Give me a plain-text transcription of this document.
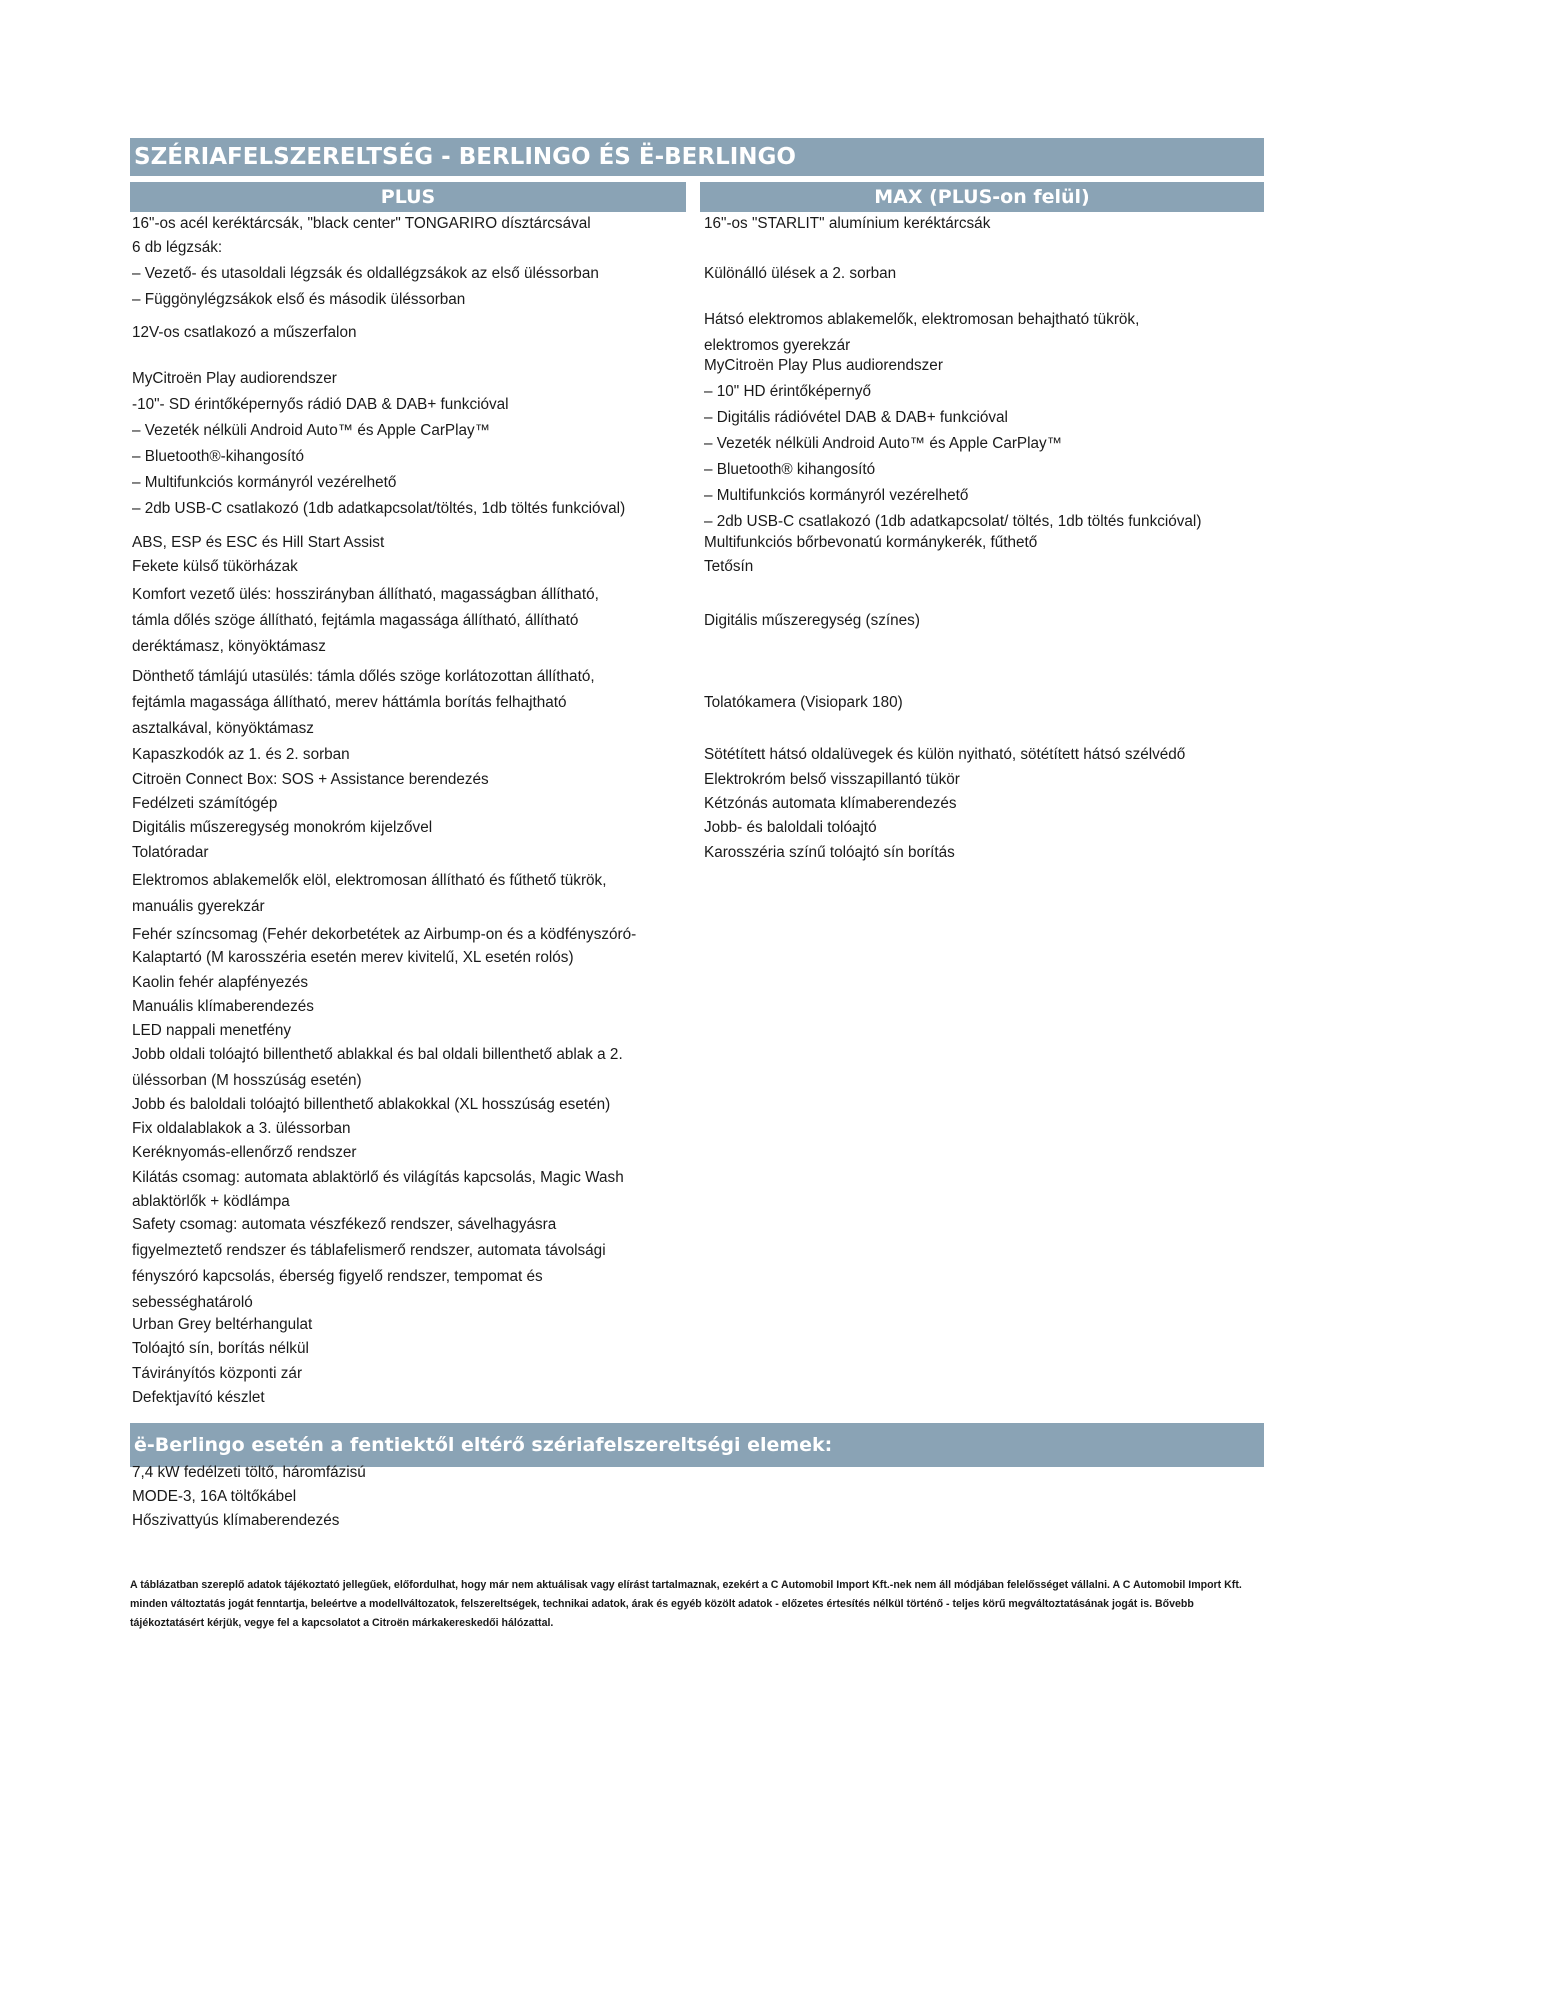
SZÉRIAFELSZERELTSÉG - BERLINGO ÉS Ë-BERLINGO
PLUS	MAX (PLUS-on felül)
16"-os acél keréktárcsák, "black center" TONGARIRO dísztárcsával
6 db légzsák:
– Vezető- és utasoldali légzsák és oldallégzsákok az első üléssorban
– Függönylégzsákok első és második üléssorban
12V-os csatlakozó a műszerfalon
MyCitroën Play audiorendszer
-10"- SD érintőképernyős rádió DAB & DAB+ funkcióval
– Vezeték nélküli Android Auto™ és Apple CarPlay™
– Bluetooth®-kihangosító
– Multifunkciós kormányról vezérelhető
– 2db USB-C csatlakozó (1db adatkapcsolat/töltés, 1db töltés funkcióval)
ABS, ESP és ESC és Hill Start Assist
Fekete külső tükörházak
Komfort vezető ülés: hosszirányban állítható, magasságban állítható,
támla dőlés szöge állítható, fejtámla magassága állítható, állítható
deréktámasz, könyöktámasz
Dönthető támlájú utasülés: támla dőlés szöge korlátozottan állítható,
fejtámla magassága állítható, merev háttámla borítás felhajtható
asztalkával, könyöktámasz
Kapaszkodók az 1. és 2. sorban
Citroën Connect Box: SOS + Assistance berendezés
Fedélzeti számítógép
Digitális műszeregység monokróm kijelzővel
Tolatóradar
Elektromos ablakemelők elöl, elektromosan állítható és fűthető tükrök,
manuális gyerekzár
Fehér színcsomag (Fehér dekorbetétek az Airbump-on és a ködfényszóró-
Kalaptartó (M karosszéria esetén merev kivitelű, XL esetén rolós)
Kaolin fehér alapfényezés
Manuális klímaberendezés
LED nappali menetfény
Jobb oldali tolóajtó billenthető ablakkal és bal oldali billenthető ablak a 2.
üléssorban (M hosszúság esetén)
Jobb és baloldali tolóajtó billenthető ablakokkal (XL hosszúság esetén)
Fix oldalablakok a 3. üléssorban
Keréknyomás-ellenőrző rendszer
Kilátás csomag: automata ablaktörlő és világítás kapcsolás, Magic Wash
ablaktörlők + ködlámpa
Safety csomag: automata vészfékező rendszer, sávelhagyásra
figyelmeztető rendszer és táblafelismerő rendszer, automata távolsági
fényszóró kapcsolás, éberség figyelő rendszer, tempomat és
sebességhatároló
Urban Grey beltérhangulat
Tolóajtó sín, borítás nélkül
Távirányítós központi zár
Defektjavító készlet
16"-os "STARLIT" alumínium keréktárcsák
Különálló ülések a 2. sorban
Hátsó elektromos ablakemelők, elektromosan behajtható tükrök,
elektromos gyerekzár
MyCitroën Play Plus audiorendszer
– 10" HD érintőképernyő
– Digitális rádióvétel DAB & DAB+ funkcióval
– Vezeték nélküli Android Auto™ és Apple CarPlay™
– Bluetooth® kihangosító
– Multifunkciós kormányról vezérelhető
– 2db USB-C csatlakozó (1db adatkapcsolat/ töltés, 1db töltés funkcióval)
Multifunkciós bőrbevonatú kormánykerék, fűthető
Tetősín
Digitális műszeregység (színes)
Tolatókamera (Visiopark 180)
Sötétített hátsó oldalüvegek és külön nyitható, sötétített hátsó szélvédő
Elektrokróm belső visszapillantó tükör
Kétzónás automata klímaberendezés
Jobb- és baloldali tolóajtó
Karosszéria színű tolóajtó sín borítás
ë-Berlingo esetén a fentiektől eltérő szériafelszereltségi elemek:
7,4 kW fedélzeti töltő, háromfázisú
MODE-3, 16A töltőkábel
Hőszivattyús klímaberendezés
A táblázatban szereplő adatok tájékoztató jellegűek, előfordulhat, hogy már nem aktuálisak vagy elírást tartalmaznak, ezekért a C Automobil Import Kft.-nek nem áll módjában felelősséget vállalni. A C Automobil Import Kft. minden változtatás jogát fenntartja, beleértve a modellváltozatok, felszereltségek, technikai adatok, árak és egyéb közölt adatok - előzetes értesítés nélkül történő - teljes körű megváltoztatásának jogát is. Bővebb tájékoztatásért kérjük, vegye fel a kapcsolatot a Citroën márkakereskedői hálózattal.
